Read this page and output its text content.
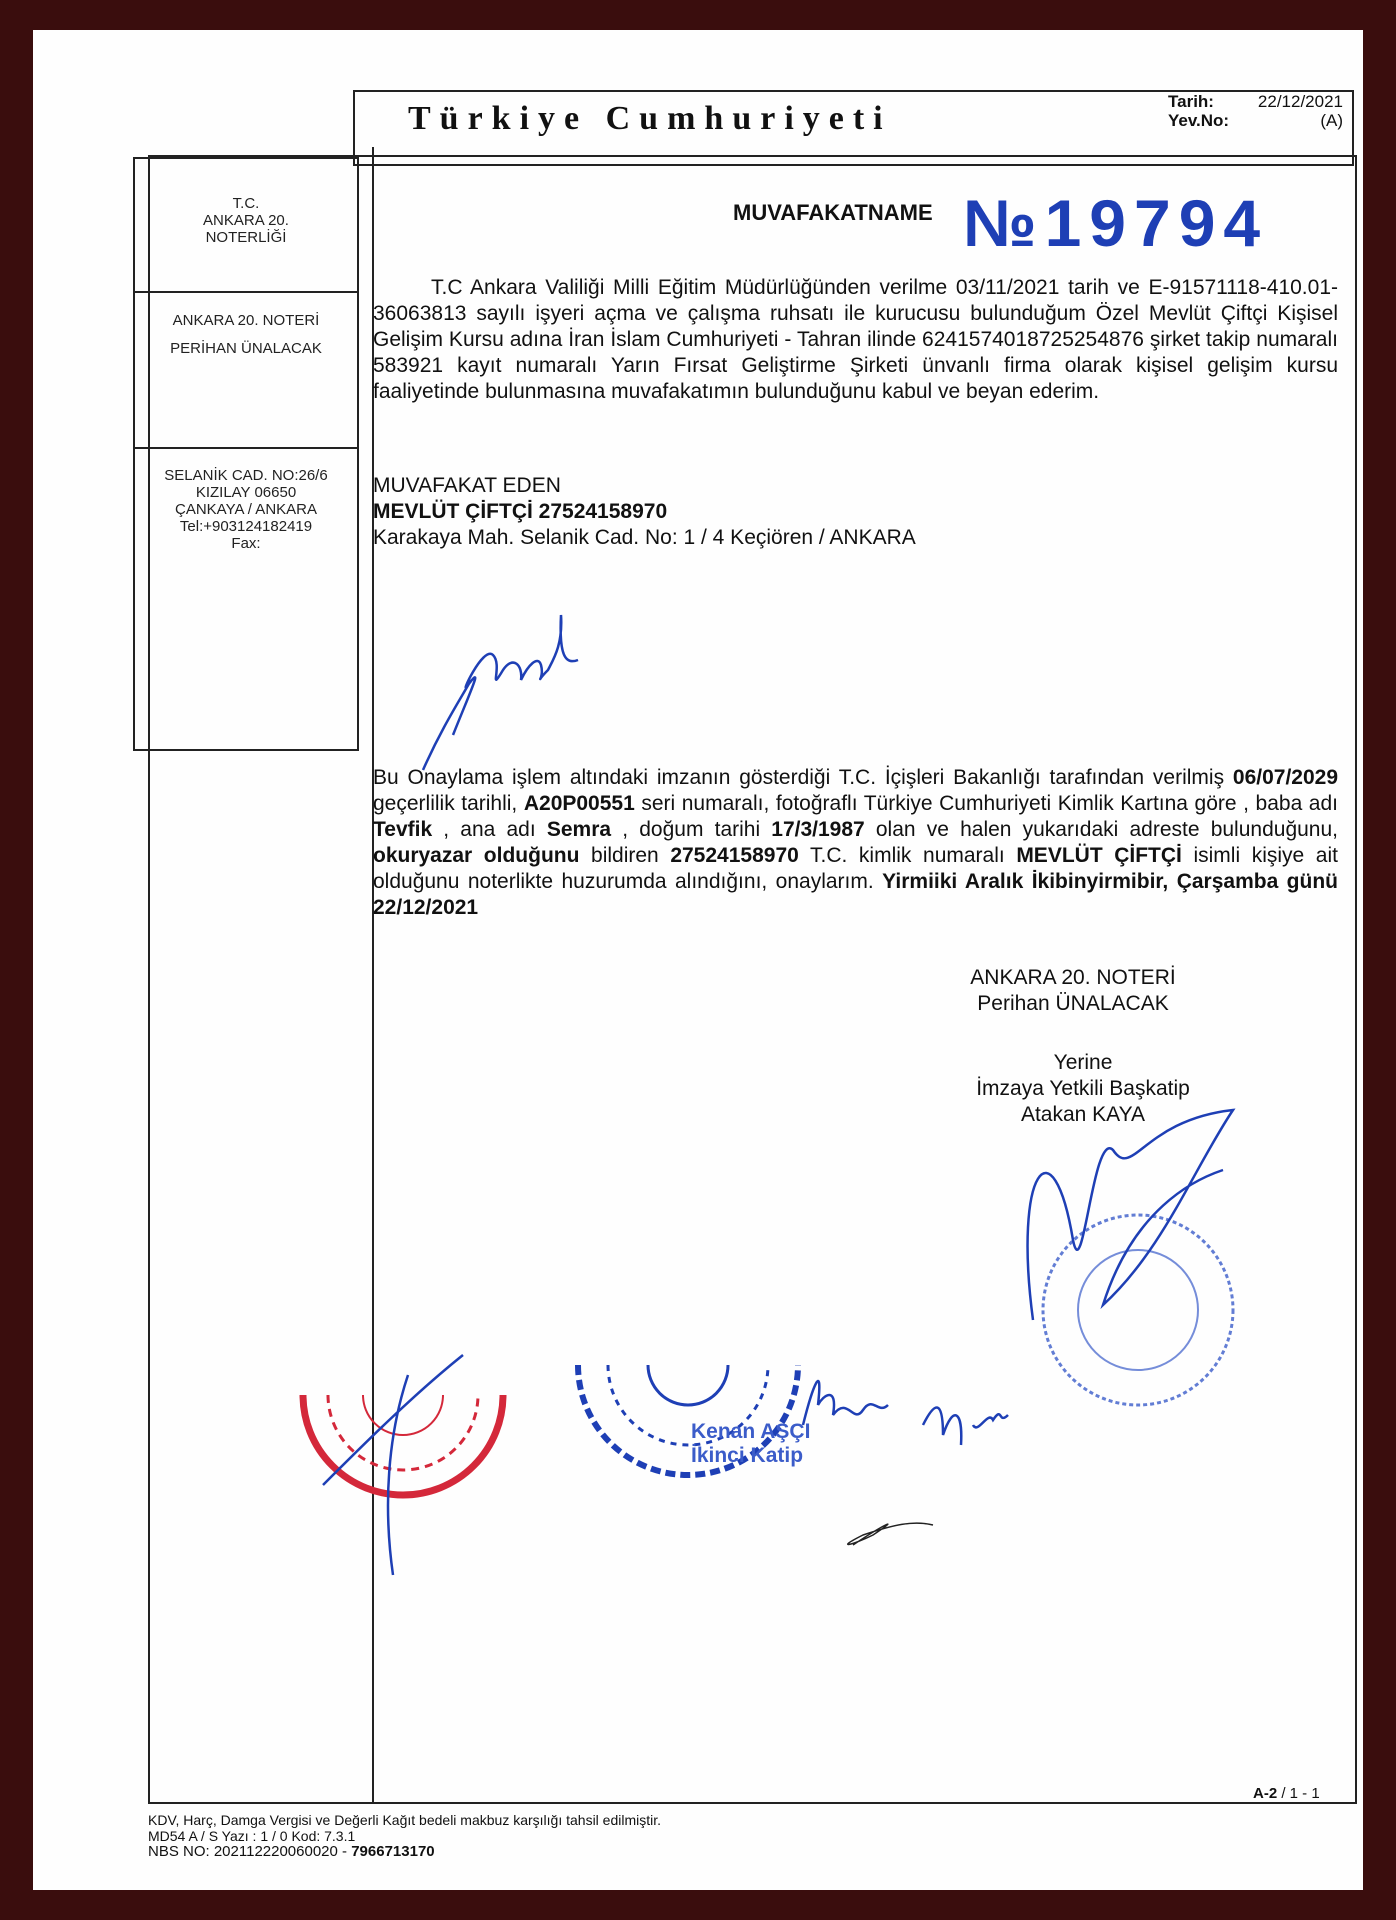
Türkiye Cumhuriyeti	Tarih:	22/12/2021
Yev.No:	(A)
T.C.
ANKARA 20.
NOTERLİĞİ
ANKARA 20. NOTERİ
PERİHAN ÜNALACAK
SELANİK CAD. NO:26/6
KIZILAY 06650
ÇANKAYA / ANKARA
Tel:+903124182419
Fax:
MUVAFAKATNAME №19794
T.C Ankara Valiliği Milli Eğitim Müdürlüğünden verilme 03/11/2021 tarih ve E-91571118-410.01-36063813 sayılı işyeri açma ve çalışma ruhsatı ile kurucusu bulunduğum Özel Mevlüt Çiftçi Kişisel Gelişim Kursu adına İran İslam Cumhuriyeti - Tahran ilinde 6241574018725254876 şirket takip numaralı 583921 kayıt numaralı Yarın Fırsat Geliştirme Şirketi ünvanlı firma olarak kişisel gelişim kursu faaliyetinde bulunmasına muvafakatımın bulunduğunu kabul ve beyan ederim.
MUVAFAKAT EDEN
MEVLÜT ÇİFTÇİ 27524158970
Karakaya Mah. Selanik Cad. No: 1 / 4 Keçiören / ANKARA
Bu Onaylama işlem altındaki imzanın gösterdiği T.C. İçişleri Bakanlığı tarafından verilmiş 06/07/2029 geçerlilik tarihli, A20P00551 seri numaralı, fotoğraflı Türkiye Cumhuriyeti Kimlik Kartına göre , baba adı Tevfik , ana adı Semra , doğum tarihi 17/3/1987 olan ve halen yukarıdaki adreste bulunduğunu, okuryazar olduğunu bildiren 27524158970 T.C. kimlik numaralı MEVLÜT ÇİFTÇİ isimli kişiye ait olduğunu noterlikte huzurumda alındığını, onaylarım. Yirmiiki Aralık İkibinyirmibir, Çarşamba günü 22/12/2021
ANKARA 20. NOTERİ
Perihan ÜNALACAK
Yerine
İmzaya Yetkili Başkatip
Atakan KAYA
Kenan AŞÇI
İkinci Katip
KDV, Harç, Damga Vergisi ve Değerli Kağıt bedeli makbuz karşılığı tahsil edilmiştir.
MD54 A / S Yazı : 1 / 0 Kod: 7.3.1
NBS NO: 202112220060020 - 7966713170
A-2 / 1 - 1
